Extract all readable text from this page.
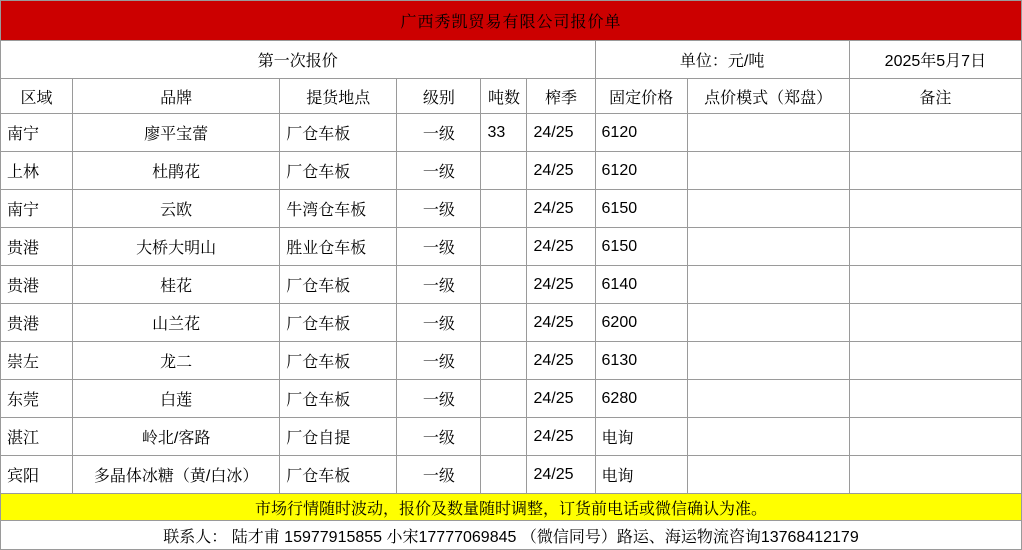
广西秀凯贸易有限公司报价单								
第一次报价						单位：元/吨		2025年5月7日
区域	品牌	提货地点	级别	吨数	榨季	固定价格	点价模式（郑盘）	备注
南宁	廖平宝蕾	厂仓车板	一级	33	24/25	6120		
上林	杜鹃花	厂仓车板	一级		24/25	6120		
南宁	云欧	牛湾仓车板	一级		24/25	6150		
贵港	大桥大明山	胜业仓车板	一级		24/25	6150		
贵港	桂花	厂仓车板	一级		24/25	6140		
贵港	山兰花	厂仓车板	一级		24/25	6200		
崇左	龙二	厂仓车板	一级		24/25	6130		
东莞	白莲	厂仓车板	一级		24/25	6280		
湛江	岭北/客路	厂仓自提	一级		24/25	电询		
宾阳	多晶体冰糖（黄/白冰）	厂仓车板	一级		24/25	电询		
市场行情随时波动，报价及数量随时调整，订货前电话或微信确认为准。								
联系人： 陆才甫 15977915855 小宋17777069845 （微信同号）路运、海运物流咨询13768412179								
